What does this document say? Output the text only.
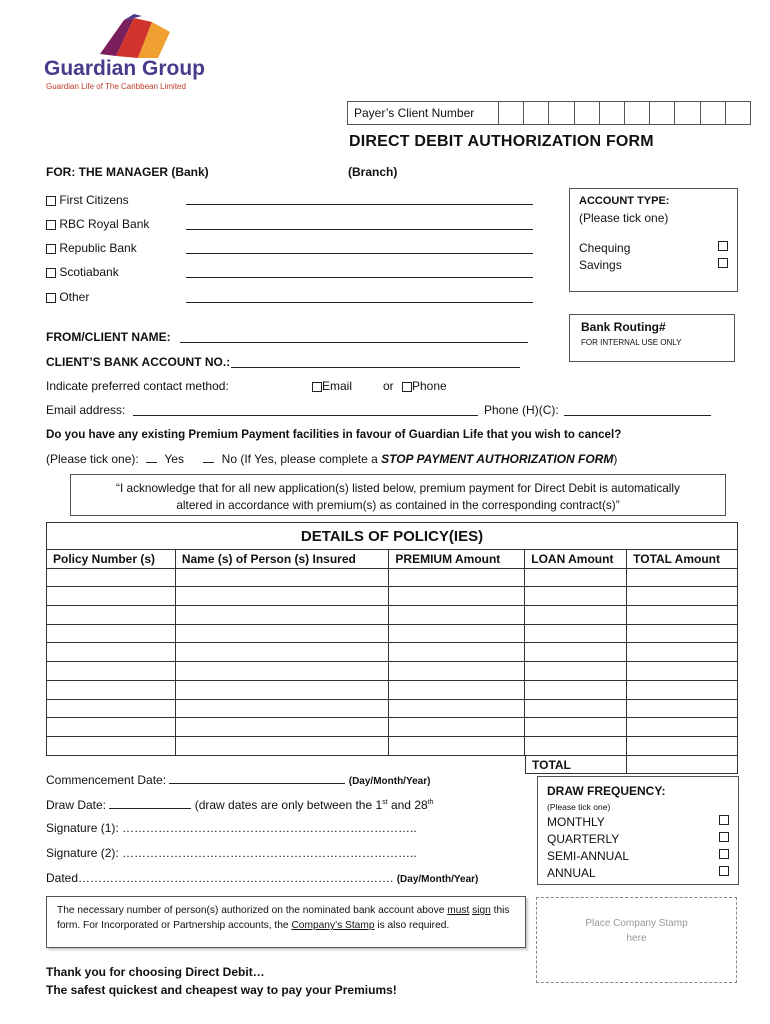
Guardian Group
Guardian Life of The Caribbean Limited
Payer’s Client Number
DIRECT DEBIT AUTHORIZATION FORM
FOR: THE MANAGER (Bank)	(Branch)
First Citizens
RBC Royal Bank
Republic Bank
Scotiabank
Other
ACCOUNT TYPE:
(Please tick one)
Chequing
Savings
Bank Routing#
FOR INTERNAL USE ONLY
FROM/CLIENT NAME:
CLIENT’S BANK ACCOUNT NO.:
Indicate preferred contact method:	Email	or	Phone
Email address:	Phone (H)(C):
Do you have any existing Premium Payment facilities in favour of Guardian Life that you wish to cancel?
(Please tick one): Yes	No (If Yes, please complete a STOP PAYMENT AUTHORIZATION FORM)
“I acknowledge that for all new application(s) listed below, premium payment for Direct Debit is automatically
altered in accordance with premium(s) as contained in the corresponding contract(s)”
DETAILS OF POLICY(IES)
Policy Number (s)	Name (s) of Person (s) Insured	PREMIUM Amount	LOAN Amount	TOTAL Amount

TOTAL
Commencement Date:	(Day/Month/Year)
Draw Date:	(draw dates are only between the 1st and 28th
Signature (1): ………………………………………………………………..
Signature (2): ………………………………………………………………..
Dated……………………………………………………………………. (Day/Month/Year)
DRAW FREQUENCY:
(Please tick one)
MONTHLY
QUARTERLY
SEMI-ANNUAL
ANNUAL
The necessary number of person(s) authorized on the nominated bank account above must sign this form. For Incorporated or Partnership accounts, the Company’s Stamp is also required.	Place Company Stamp here
Thank you for choosing Direct Debit…
The safest quickest and cheapest way to pay your Premiums!
